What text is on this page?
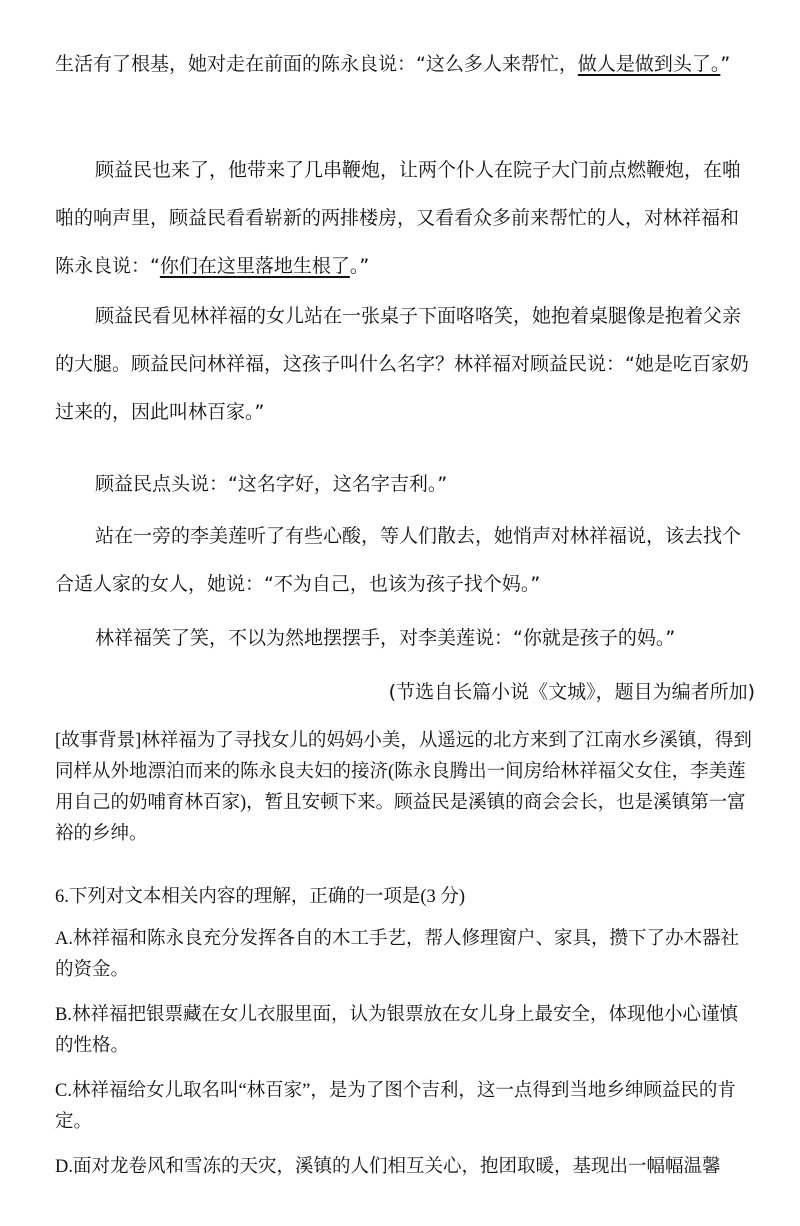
生活有了根基，她对走在前面的陈永良说：“这么多人来帮忙，做人是做到头了。”

顾益民也来了，他带来了几串鞭炮，让两个仆人在院子大门前点燃鞭炮，在啪啪的响声里，顾益民看看崭新的两排楼房，又看看众多前来帮忙的人，对林祥福和陈永良说：“你们在这里落地生根了。”

顾益民看见林祥福的女儿站在一张桌子下面咯咯笑，她抱着桌腿像是抱着父亲的大腿。顾益民问林祥福，这孩子叫什么名字？林祥福对顾益民说：“她是吃百家奶过来的，因此叫林百家。”

顾益民点头说：“这名字好，这名字吉利。”

站在一旁的李美莲听了有些心酸，等人们散去，她悄声对林祥福说，该去找个合适人家的女人，她说：“不为自己，也该为孩子找个妈。”

林祥福笑了笑，不以为然地摆摆手，对李美莲说：“你就是孩子的妈。”

(节选自长篇小说《文城》，题目为编者所加)

[故事背景]林祥福为了寻找女儿的妈妈小美，从遥远的北方来到了江南水乡溪镇，得到同样从外地漂泊而来的陈永良夫妇的接济(陈永良腾出一间房给林祥福父女住，李美莲用自己的奶哺育林百家)，暂且安顿下来。顾益民是溪镇的商会会长，也是溪镇第一富裕的乡绅。

6.下列对文本相关内容的理解，正确的一项是(3 分)

A.林祥福和陈永良充分发挥各自的木工手艺，帮人修理窗户、家具，攒下了办木器社的资金。

B.林祥福把银票藏在女儿衣服里面，认为银票放在女儿身上最安全，体现他小心谨慎的性格。

C.林祥福给女儿取名叫“林百家”，是为了图个吉利，这一点得到当地乡绅顾益民的肯定。

D.面对龙卷风和雪冻的天灾，溪镇的人们相互关心，抱团取暖，基现出一幅幅温馨
